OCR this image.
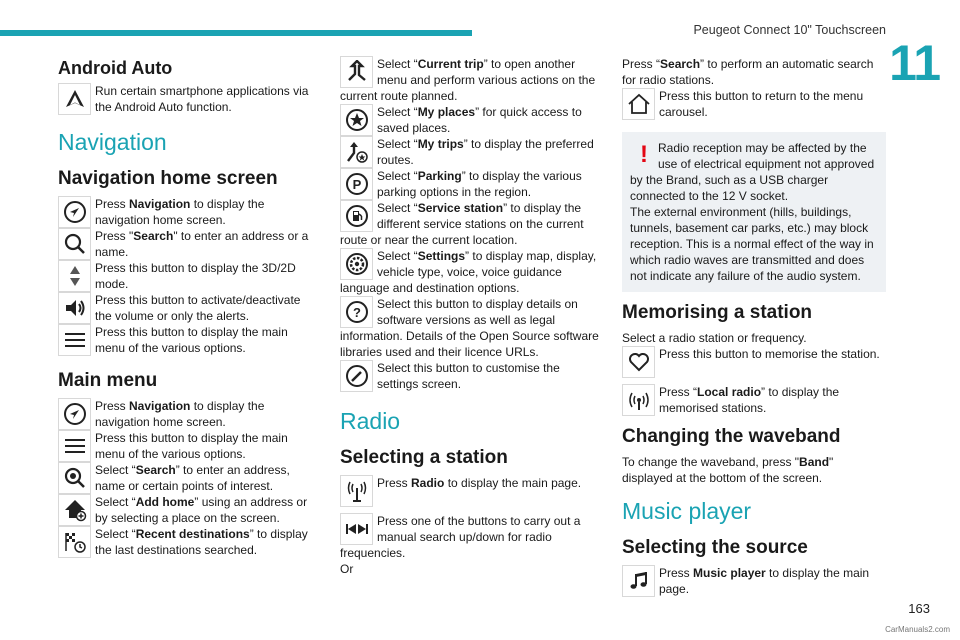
Peugeot Connect 10" Touchscreen
11
Android Auto
Run certain smartphone applications via the Android Auto function.
Navigation
Navigation home screen
Press Navigation to display the navigation home screen.
Press "Search" to enter an address or a name.
Press this button to display the 3D/2D mode.
Press this button to activate/deactivate the volume or only the alerts.
Press this button to display the main menu of the various options.
Main menu
Press Navigation to display the navigation home screen.
Press this button to display the main menu of the various options.
Select “Search” to enter an address, name or certain points of interest.
Select “Add home” using an address or by selecting a place on the screen.
Select “Recent destinations” to display the last destinations searched.
Select “Current trip” to open another menu and perform various actions on the current route planned.
Select “My places” for quick access to saved places.
Select “My trips” to display the preferred routes.
P
Select “Parking” to display the various parking options in the region.
Select “Service station” to display the different service stations on the current route or near the current location.
Select “Settings” to display map, display, vehicle type, voice, voice guidance language and destination options.
?
Select this button to display details on software versions as well as legal information. Details of the Open Source software libraries used and their licence URLs.
Select this button to customise the settings screen.
Radio
Selecting a station
Press Radio to display the main page.
Press one of the buttons to carry out a manual search up/down for radio frequencies.
Or
Press “Search” to perform an automatic search for radio stations.
Press this button to return to the menu carousel.
! Radio reception may be affected by the use of electrical equipment not approved by the Brand, such as a USB charger connected to the 12 V socket.
The external environment (hills, buildings, tunnels, basement car parks, etc.) may block reception. This is a normal effect of the way in which radio waves are transmitted and does not indicate any failure of the audio system.
Memorising a station
Select a radio station or frequency.
Press this button to memorise the station.
Press “Local radio” to display the memorised stations.
Changing the waveband
To change the waveband, press "Band" displayed at the bottom of the screen.
Music player
Selecting the source
Press Music player to display the main page.
163
CarManuals2.com
